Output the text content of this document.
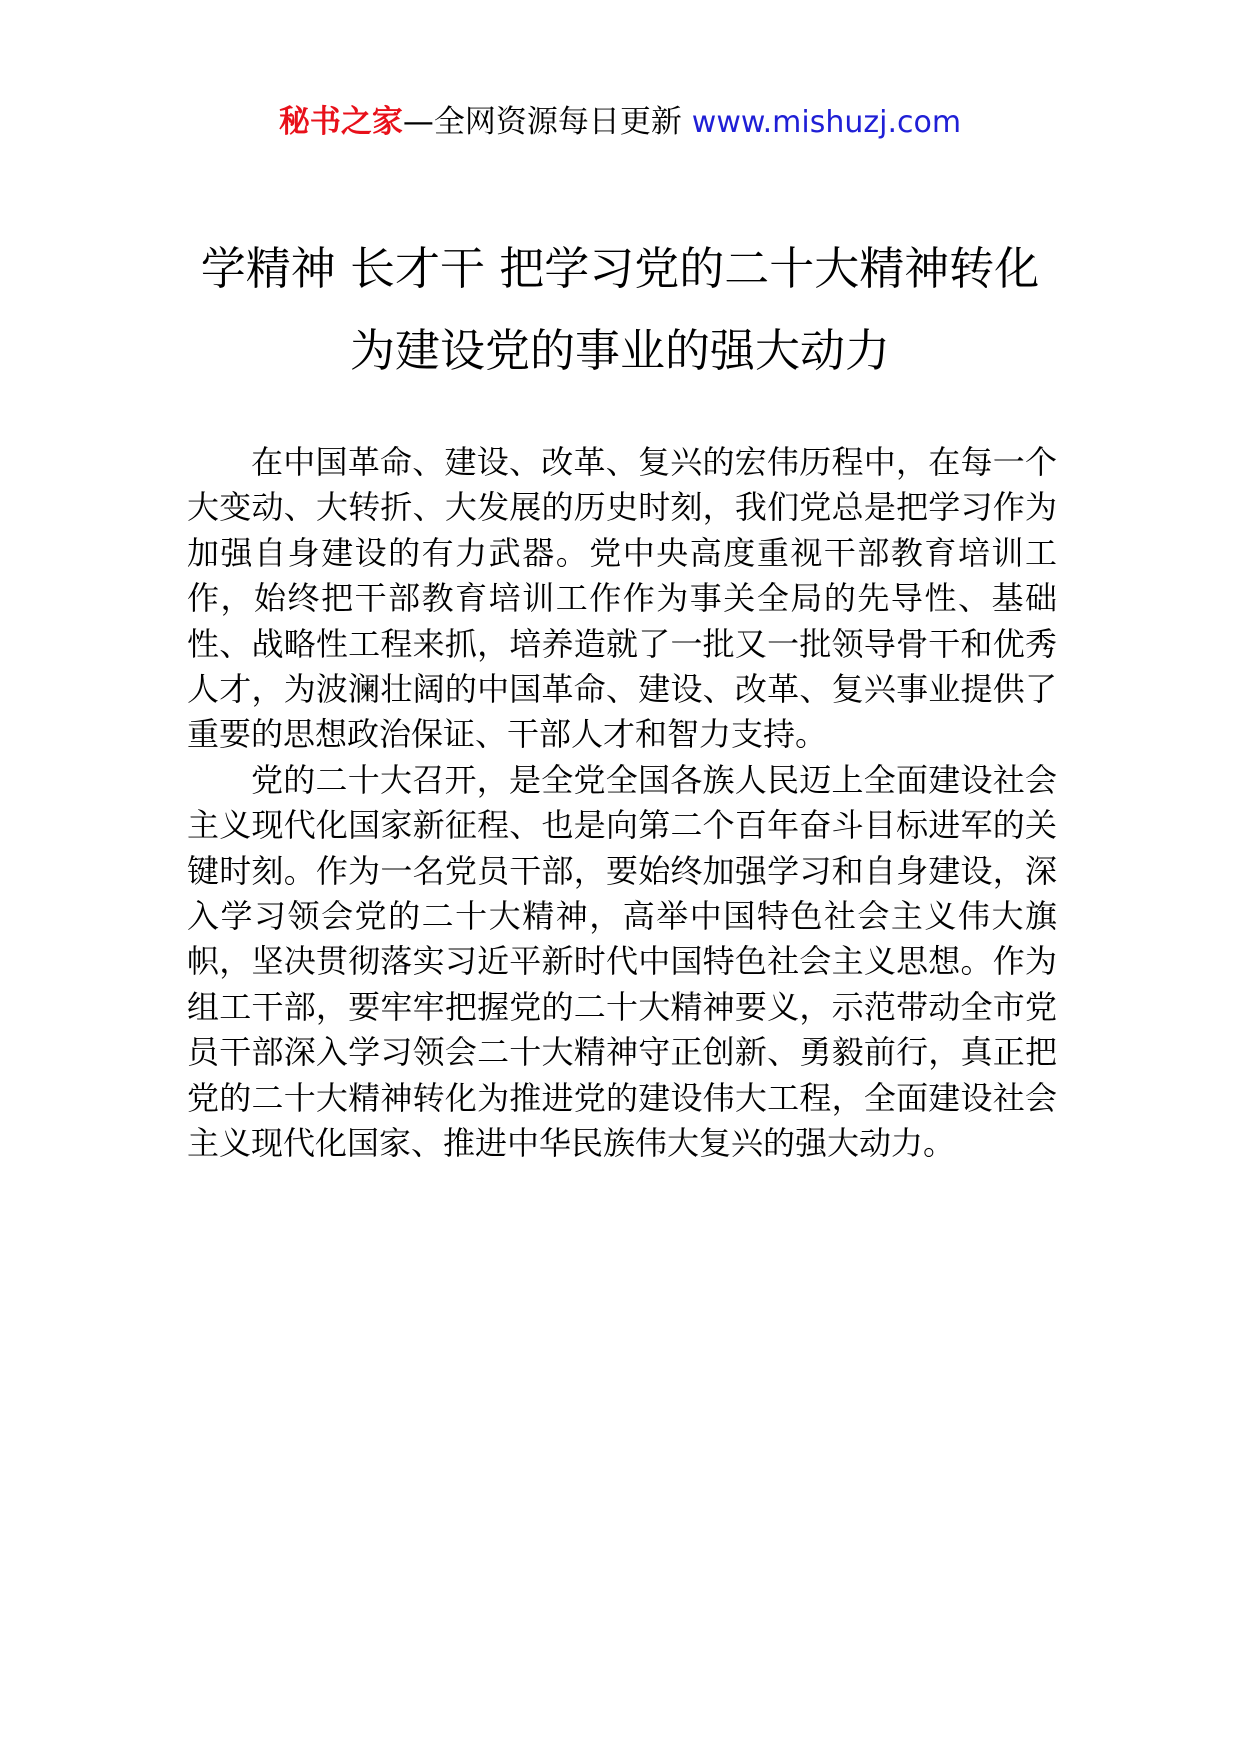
秘书之家—全网资源每日更新 www.mishuzj.com
学精神 长才干 把学习党的二十大精神转化
为建设党的事业的强大动力

在中国革命、建设、改革、复兴的宏伟历程中，在每一个大变动、大转折、大发展的历史时刻，我们党总是把学习作为加强自身建设的有力武器。党中央高度重视干部教育培训工作，始终把干部教育培训工作作为事关全局的先导性、基础性、战略性工程来抓，培养造就了一批又一批领导骨干和优秀人才，为波澜壮阔的中国革命、建设、改革、复兴事业提供了重要的思想政治保证、干部人才和智力支持。

党的二十大召开，是全党全国各族人民迈上全面建设社会主义现代化国家新征程、也是向第二个百年奋斗目标进军的关键时刻。作为一名党员干部，要始终加强学习和自身建设，深入学习领会党的二十大精神，高举中国特色社会主义伟大旗帜，坚决贯彻落实习近平新时代中国特色社会主义思想。作为组工干部，要牢牢把握党的二十大精神要义，示范带动全市党员干部深入学习领会二十大精神守正创新、勇毅前行，真正把党的二十大精神转化为推进党的建设伟大工程，全面建设社会主义现代化国家、推进中华民族伟大复兴的强大动力。
